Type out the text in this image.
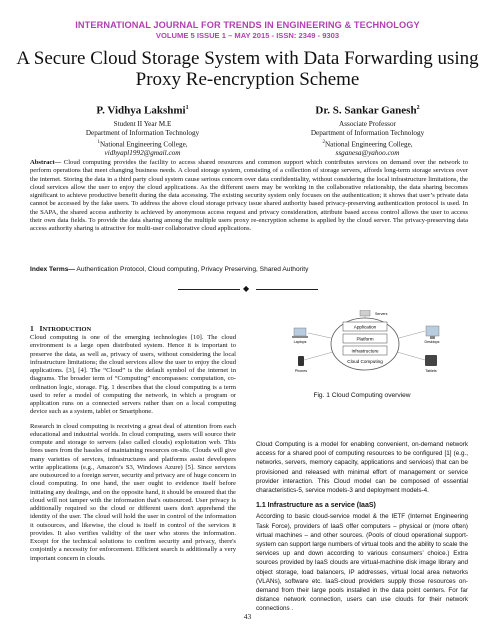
INTERNATIONAL JOURNAL FOR TRENDS IN ENGINEERING & TECHNOLOGY
VOLUME 5 ISSUE 1 – MAY 2015 - ISSN: 2349 - 9303
A Secure Cloud Storage System with Data Forwarding using Proxy Re-encryption Scheme
P. Vidhya Lakshmi$^1$
Student II Year M.E
Department of Information Technology
$^1$National Engineering College,
vidhyapl1992@gmail.com
Dr. S. Sankar Ganesh$^2$
Associate Professor
Department of Information Technology
$^2$National Engineering College,
ssganesa@yahoo.com

Abstract— Cloud computing provides the facility to access shared resources and common support which contributes services on demand over the network to perform operations that meet changing business needs. A cloud storage system, consisting of a collection of storage servers, affords long-term storage services over the internet. Storing the data in a third party cloud system cause serious concern over data confidentiality, without considering the local infrastructure limitations, the cloud services allow the user to enjoy the cloud applications. As the different users may be working in the collaborative relationship, the data sharing becomes significant to achieve productive benefit during the data accessing. The existing security system only focuses on the authentication; it shows that user’s private data cannot be accessed by the fake users. To address the above cloud storage privacy issue shared authority based privacy-preserving authentication protocol is used. In the SAPA, the shared access authority is achieved by anonymous access request and privacy consideration, attribute based access control allows the user to access their own data fields. To provide the data sharing among the multiple users proxy re-encryption scheme is applied by the cloud server. The privacy-preserving data access authority sharing is attractive for multi-user collaborative cloud applications.

Index Terms— Authentication Protocol, Cloud computing, Privacy Preserving, Shared Authority

◆
1 INTRODUCTION

Cloud computing is one of the emerging technologies [10]. The cloud environment is a large open distributed system. Hence it is important to preserve the data, as well as, privacy of users, without considering the local infrastructure limitations; the cloud services allow the user to enjoy the cloud applications. [3], [4]. The “Cloud” is the default symbol of the internet in diagrams. The broader term of “Computing” encompasses: computation, co-ordination logic, storage. Fig. 1 describes that the cloud computing is a term used to refer a model of computing the network, in which a program or application runs on a connected servers rather than on a local computing device such as a system, tablet or Smartphone.

Research in cloud computing is receiving a great deal of attention from each educational and industrial worlds. In cloud computing, users will source their compute and storage to servers (also called clouds) exploitation web. This frees users from the hassles of maintaining resources on-site. Clouds will give many varieties of services, infrastructures and platforms assist developers write applications (e.g., Amazon’s S3, Windows Azure) [5]. Since services are outsourced to a foreign server, security and privacy are of huge concern in cloud computing. In one hand, the user ought to evidence itself before initiating any dealings, and on the opposite hand, it should be ensured that the cloud will not tamper with the information that's outsourced. User privacy is additionally required so the cloud or different users don't apprehend the identity of the user. The cloud will hold the user in control of the information it outsources, and likewise, the cloud is itself in control of the services it provides. It also verifies validity of the user who stores the information. Except for the technical solutions to confirm security and privacy, there's conjointly a necessity for enforcement. Efficient search is additionally a very important concern in clouds.

Application
Platform
Infrastructure
Cloud Computing
Servers
Laptops	Desktops
Phones	Tablets
Fig. 1 Cloud Computing overview

Cloud Computing is a model for enabling convenient, on-demand network access for a shared pool of computing resources to be configured [1] (e.g., networks, servers, memory capacity, applications and services) that can be provisioned and released with minimal effort of management or service provider interaction. This Cloud model can be composed of essential characteristics-5, service models-3 and deployment models-4.

1.1 Infrastructure as a service (IaaS)

According to basic cloud-service model & the IETF (Internet Engineering Task Force), providers of IaaS offer computers – physical or (more often) virtual machines – and other sources. (Pools of cloud operational support-system can support large numbers of virtual tools and the ability to scale the services up and down according to various consumers’ choice.) Extra sources provided by IaaS clouds are virtual-machine disk image library and object storage, load balancers, IP addresses, virtual local area networks (VLANs), software etc. IaaS-cloud providers supply those resources on-demand from their large pools installed in the data point centers. For far distance network connection, users can use clouds for their network connections .

43
